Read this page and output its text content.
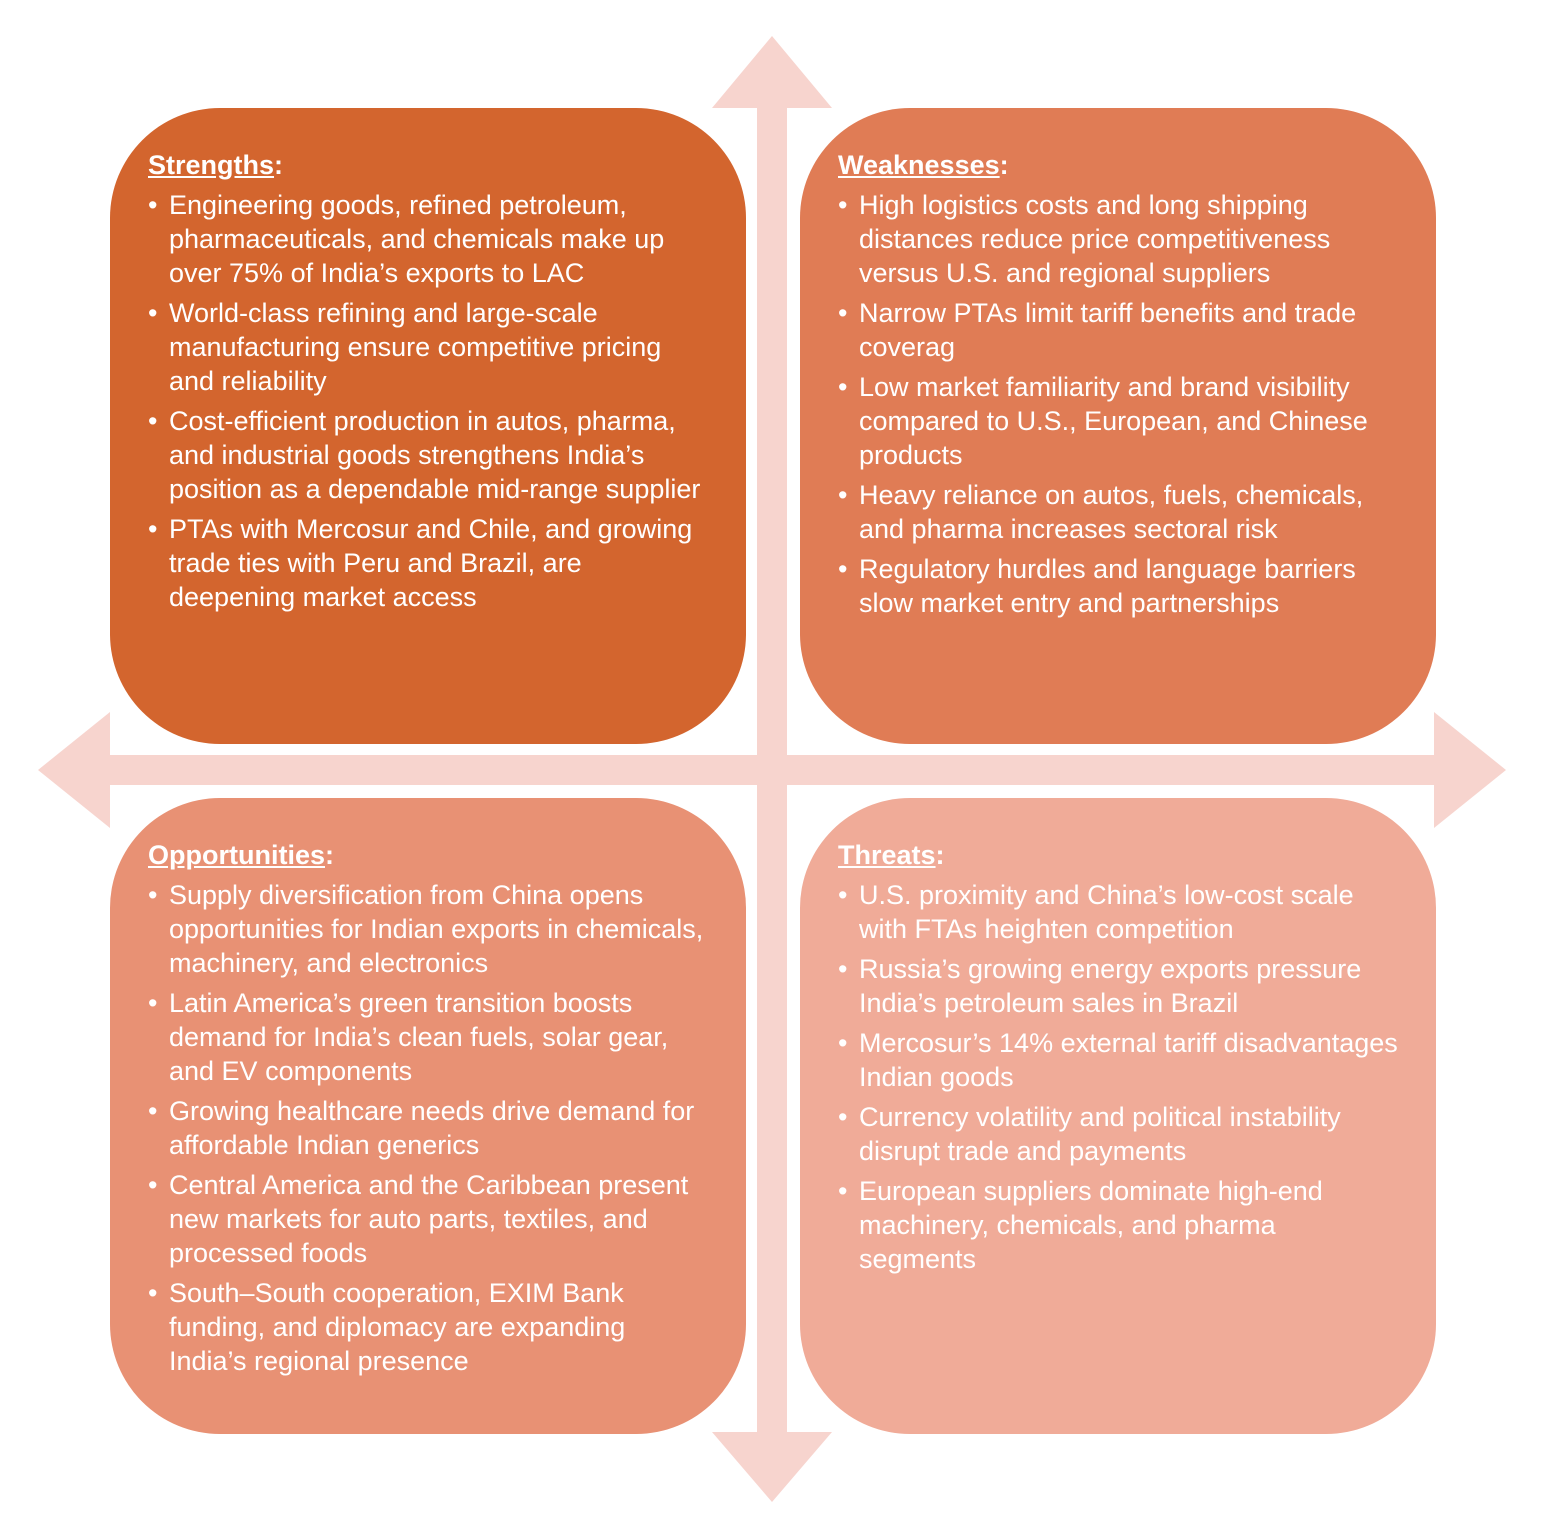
Strengths:
• Engineering goods, refined petroleum, pharmaceuticals, and chemicals make up over 75% of India’s exports to LAC
• World-class refining and large-scale manufacturing ensure competitive pricing and reliability
• Cost-efficient production in autos, pharma, and industrial goods strengthens India’s position as a dependable mid-range supplier
• PTAs with Mercosur and Chile, and growing trade ties with Peru and Brazil, are deepening market access
Weaknesses:
• High logistics costs and long shipping distances reduce price competitiveness versus U.S. and regional suppliers
• Narrow PTAs limit tariff benefits and trade coverag
• Low market familiarity and brand visibility compared to U.S., European, and Chinese products
• Heavy reliance on autos, fuels, chemicals, and pharma increases sectoral risk
• Regulatory hurdles and language barriers slow market entry and partnerships
Opportunities:
• Supply diversification from China opens opportunities for Indian exports in chemicals, machinery, and electronics
• Latin America’s green transition boosts demand for India’s clean fuels, solar gear, and EV components
• Growing healthcare needs drive demand for affordable Indian generics
• Central America and the Caribbean present new markets for auto parts, textiles, and processed foods
• South–South cooperation, EXIM Bank funding, and diplomacy are expanding India’s regional presence
Threats:
• U.S. proximity and China’s low-cost scale with FTAs heighten competition
• Russia’s growing energy exports pressure India’s petroleum sales in Brazil
• Mercosur’s 14% external tariff disadvantages Indian goods
• Currency volatility and political instability disrupt trade and payments
• European suppliers dominate high-end machinery, chemicals, and pharma segments
